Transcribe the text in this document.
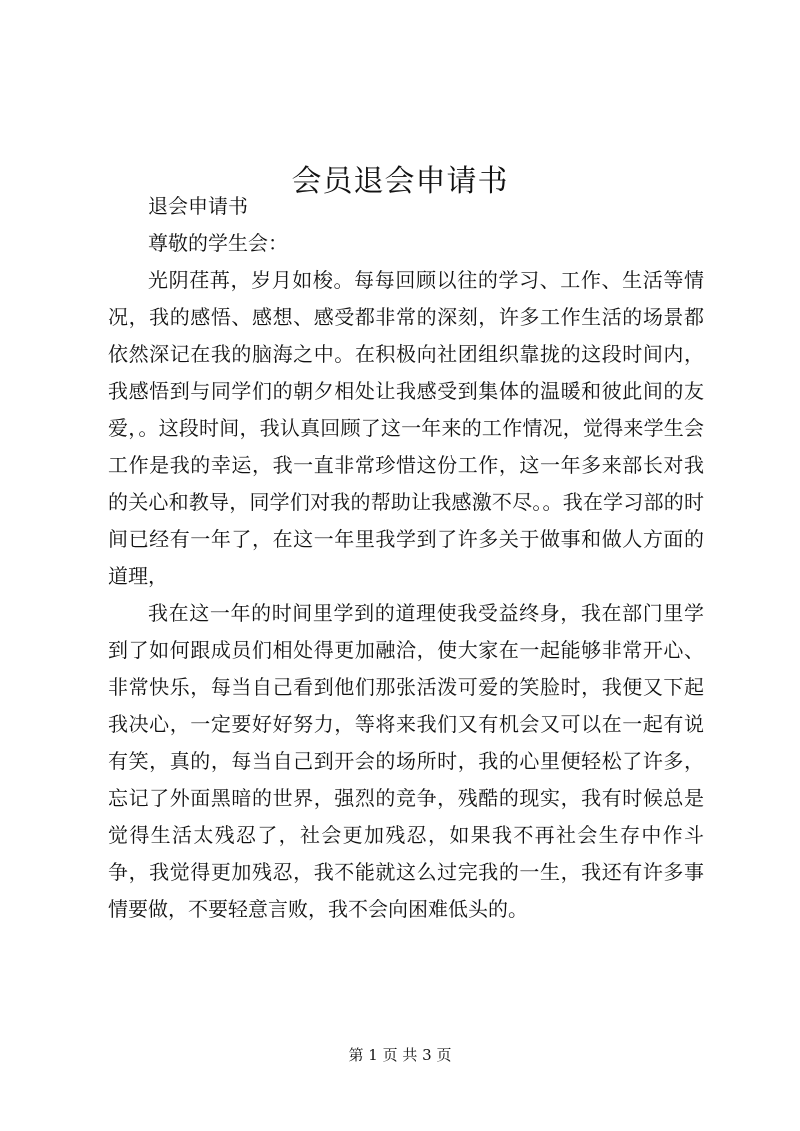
会员退会申请书

退会申请书

尊敬的学生会：

光阴荏苒，岁月如梭。每每回顾以往的学习、工作、生活等情况，我的感悟、感想、感受都非常的深刻，许多工作生活的场景都依然深记在我的脑海之中。在积极向社团组织靠拢的这段时间内，我感悟到与同学们的朝夕相处让我感受到集体的温暖和彼此间的友爱，。这段时间，我认真回顾了这一年来的工作情况，觉得来学生会工作是我的幸运，我一直非常珍惜这份工作，这一年多来部长对我的关心和教导，同学们对我的帮助让我感激不尽。。我在学习部的时间已经有一年了，在这一年里我学到了许多关于做事和做人方面的道理，

我在这一年的时间里学到的道理使我受益终身，我在部门里学到了如何跟成员们相处得更加融洽，使大家在一起能够非常开心、非常快乐，每当自己看到他们那张活泼可爱的笑脸时，我便又下起我决心，一定要好好努力，等将来我们又有机会又可以在一起有说有笑，真的，每当自己到开会的场所时，我的心里便轻松了许多，忘记了外面黑暗的世界，强烈的竞争，残酷的现实，我有时候总是觉得生活太残忍了，社会更加残忍，如果我不再社会生存中作斗争，我觉得更加残忍，我不能就这么过完我的一生，我还有许多事情要做，不要轻意言败，我不会向困难低头的。

第 1 页 共 3 页
